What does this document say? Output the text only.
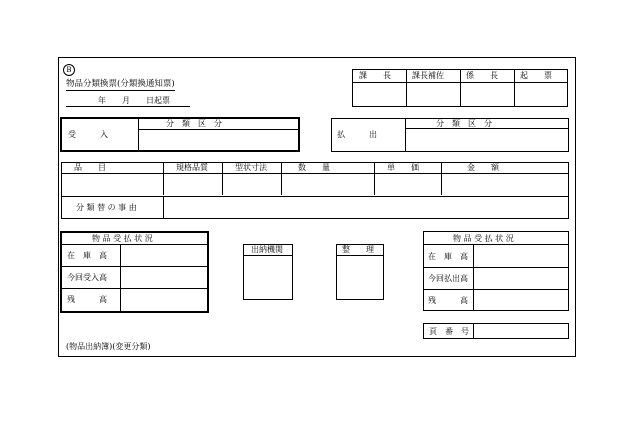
B
物品分類換票(分類換通知票)
年　　月　　日起票
課　　長	課長補佐	係　　長	起　　票
受　　　入
分　類　区　分
払　　　出
分　類　区　分
品　　目	規格品質	型状寸法	数　　量	単　　価	金　　額
分 類 替 の 事 由
物 品 受 払 状 況
在　庫　高
今回受入高
残　　　高
出納機関	整　　理
物 品 受 払 状 況
在　庫　高
今回払出高
残　　　高
頁　番　号
(物品出納簿)(変更分類)
